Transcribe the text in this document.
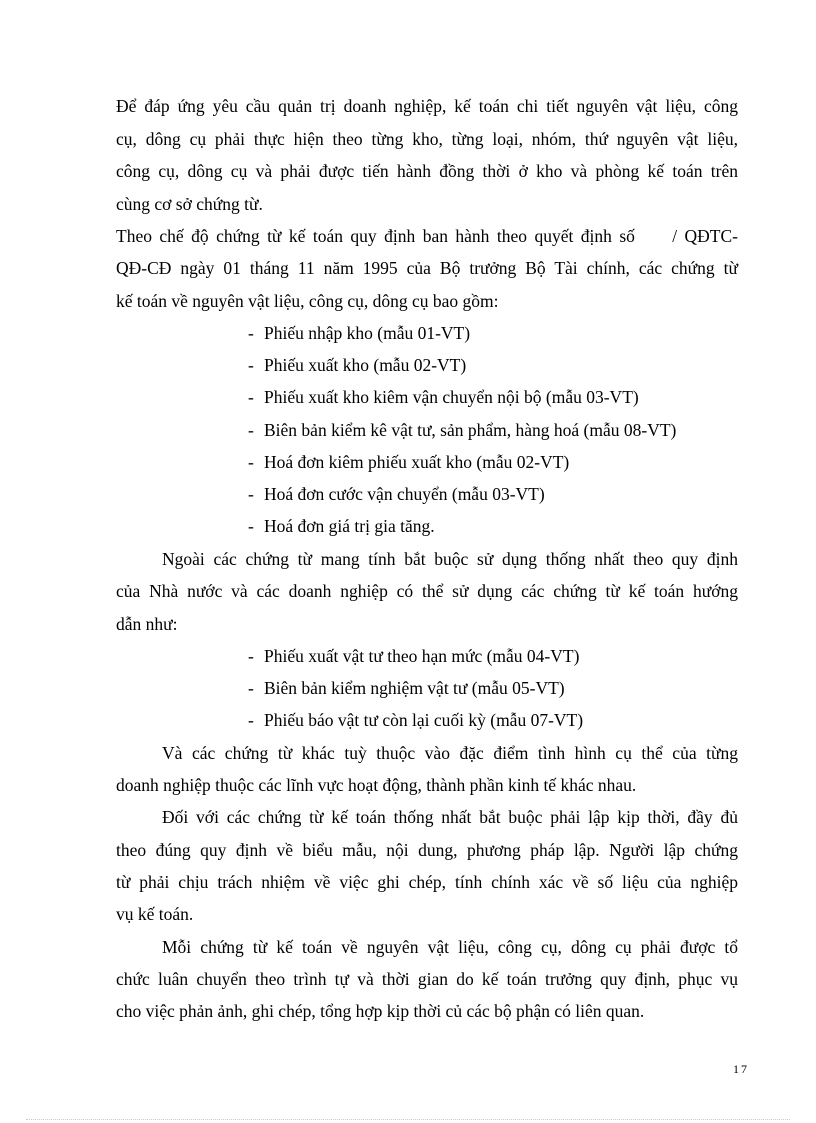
Để đáp ứng yêu cầu quản trị doanh nghiệp, kế toán chi tiết nguyên vật liệu, công
cụ, dông cụ phải thực hiện theo từng kho, từng loại, nhóm, thứ nguyên vật liệu,
công cụ, dông cụ và phải được tiến hành đồng thời ở kho và phòng kế toán trên
cùng cơ sở chứng từ.
Theo chế độ chứng từ kế toán quy định ban hành theo quyết định số     / QĐTC-
QĐ-CĐ ngày 01 tháng 11 năm 1995 của Bộ trưởng Bộ Tài chính, các chứng từ
kế toán về nguyên vật liệu, công cụ, dông cụ bao gồm:
- Phiếu nhập kho (mẫu 01-VT)
- Phiếu xuất kho (mẫu 02-VT)
- Phiếu xuất kho kiêm vận chuyển nội bộ (mẫu 03-VT)
- Biên bản kiểm kê vật tư, sản phẩm, hàng hoá (mẫu 08-VT)
- Hoá đơn kiêm phiếu xuất kho (mẫu 02-VT)
- Hoá đơn cước vận chuyển (mẫu 03-VT)
- Hoá đơn giá trị gia tăng.
Ngoài các chứng từ mang tính bắt buộc sử dụng thống nhất theo quy định
của Nhà nước và các doanh nghiệp có thể sử dụng các chứng từ kế toán hướng
dẫn như:
- Phiếu xuất vật tư theo hạn mức (mẫu 04-VT)
- Biên bản kiểm nghiệm vật tư (mẫu 05-VT)
- Phiếu báo vật tư còn lại cuối kỳ (mẫu 07-VT)
Và các chứng từ khác tuỳ thuộc vào đặc điểm tình hình cụ thể của từng
doanh nghiệp thuộc các lĩnh vực hoạt động, thành phần kinh tế khác nhau.
Đối với các chứng từ kế toán thống nhất bắt buộc phải lập kịp thời, đầy đủ
theo đúng quy định về biểu mẫu, nội dung, phương pháp lập. Người lập chứng
từ phải chịu trách nhiệm về việc ghi chép, tính chính xác về số liệu của nghiệp
vụ kế toán.
Mỗi chứng từ kế toán về nguyên vật liệu, công cụ, dông cụ phải được tổ
chức luân chuyển theo trình tự và thời gian do kế toán trưởng quy định, phục vụ
cho việc phản ảnh, ghi chép, tổng hợp kịp thời củ các bộ phận có liên quan.
17
